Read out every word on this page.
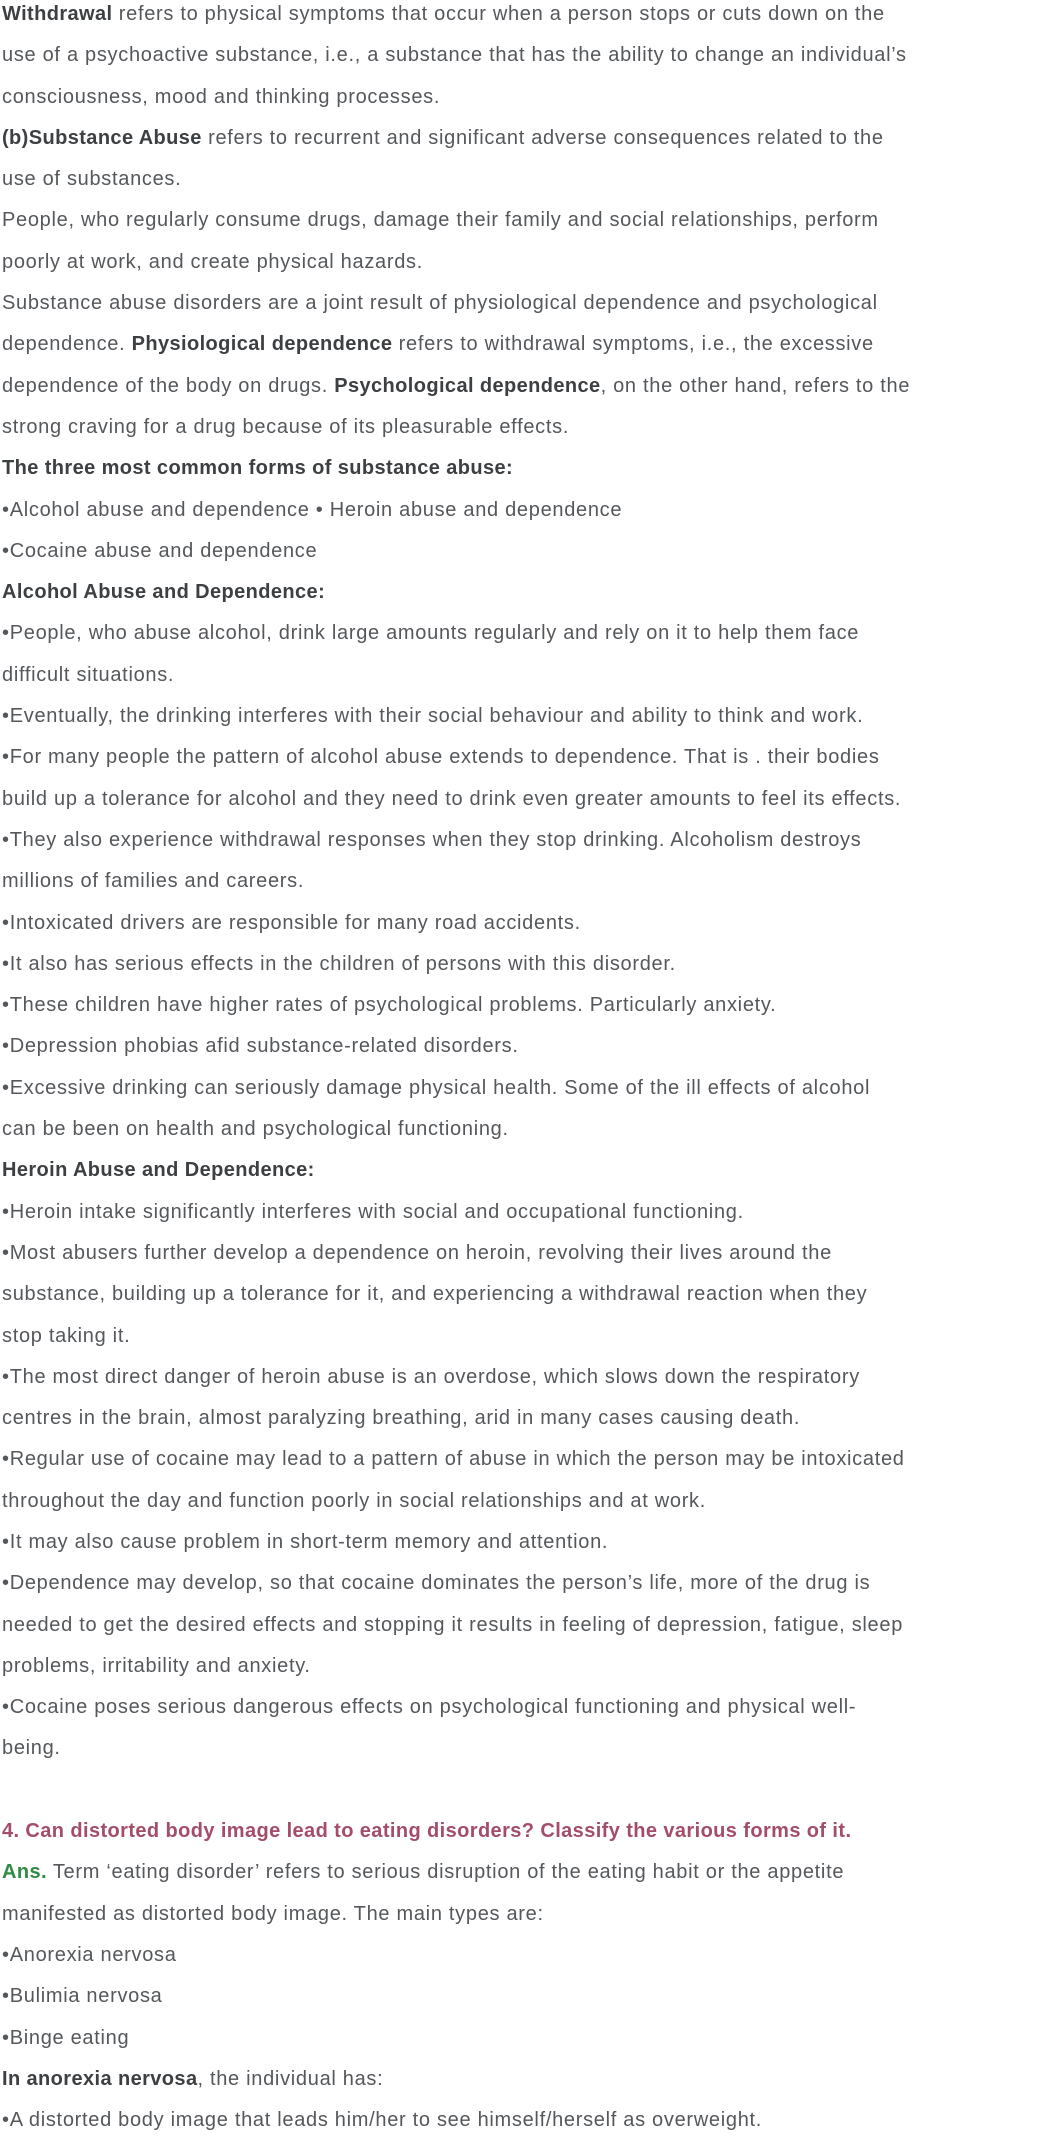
Withdrawal refers to physical symptoms that occur when a person stops or cuts down on the
use of a psychoactive substance, i.e., a substance that has the ability to change an individual’s
consciousness, mood and thinking processes.
(b)Substance Abuse refers to recurrent and significant adverse consequences related to the
use of substances.
People, who regularly consume drugs, damage their family and social relationships, perform
poorly at work, and create physical hazards.
Substance abuse disorders are a joint result of physiological dependence and psychological
dependence. Physiological dependence refers to withdrawal symptoms, i.e., the excessive
dependence of the body on drugs. Psychological dependence, on the other hand, refers to the
strong craving for a drug because of its pleasurable effects.
The three most common forms of substance abuse:
•Alcohol abuse and dependence • Heroin abuse and dependence
•Cocaine abuse and dependence
Alcohol Abuse and Dependence:
•People, who abuse alcohol, drink large amounts regularly and rely on it to help them face
difficult situations.
•Eventually, the drinking interferes with their social behaviour and ability to think and work.
•For many people the pattern of alcohol abuse extends to dependence. That is . their bodies
build up a tolerance for alcohol and they need to drink even greater amounts to feel its effects.
•They also experience withdrawal responses when they stop drinking. Alcoholism destroys
millions of families and careers.
•Intoxicated drivers are responsible for many road accidents.
•It also has serious effects in the children of persons with this disorder.
•These children have higher rates of psychological problems. Particularly anxiety.
•Depression phobias afid substance-related disorders.
•Excessive drinking can seriously damage physical health. Some of the ill effects of alcohol
can be been on health and psychological functioning.
Heroin Abuse and Dependence:
•Heroin intake significantly interferes with social and occupational functioning.
•Most abusers further develop a dependence on heroin, revolving their lives around the
substance, building up a tolerance for it, and experiencing a withdrawal reaction when they
stop taking it.
•The most direct danger of heroin abuse is an overdose, which slows down the respiratory
centres in the brain, almost paralyzing breathing, arid in many cases causing death.
•Regular use of cocaine may lead to a pattern of abuse in which the person may be intoxicated
throughout the day and function poorly in social relationships and at work.
•It may also cause problem in short-term memory and attention.
•Dependence may develop, so that cocaine dominates the person’s life, more of the drug is
needed to get the desired effects and stopping it results in feeling of depression, fatigue, sleep
problems, irritability and anxiety.
•Cocaine poses serious dangerous effects on psychological functioning and physical well-
being.

4. Can distorted body image lead to eating disorders? Classify the various forms of it.
Ans. Term ‘eating disorder’ refers to serious disruption of the eating habit or the appetite
manifested as distorted body image. The main types are:
•Anorexia nervosa
•Bulimia nervosa
•Binge eating
In anorexia nervosa, the individual has:
•A distorted body image that leads him/her to see himself/herself as overweight.
